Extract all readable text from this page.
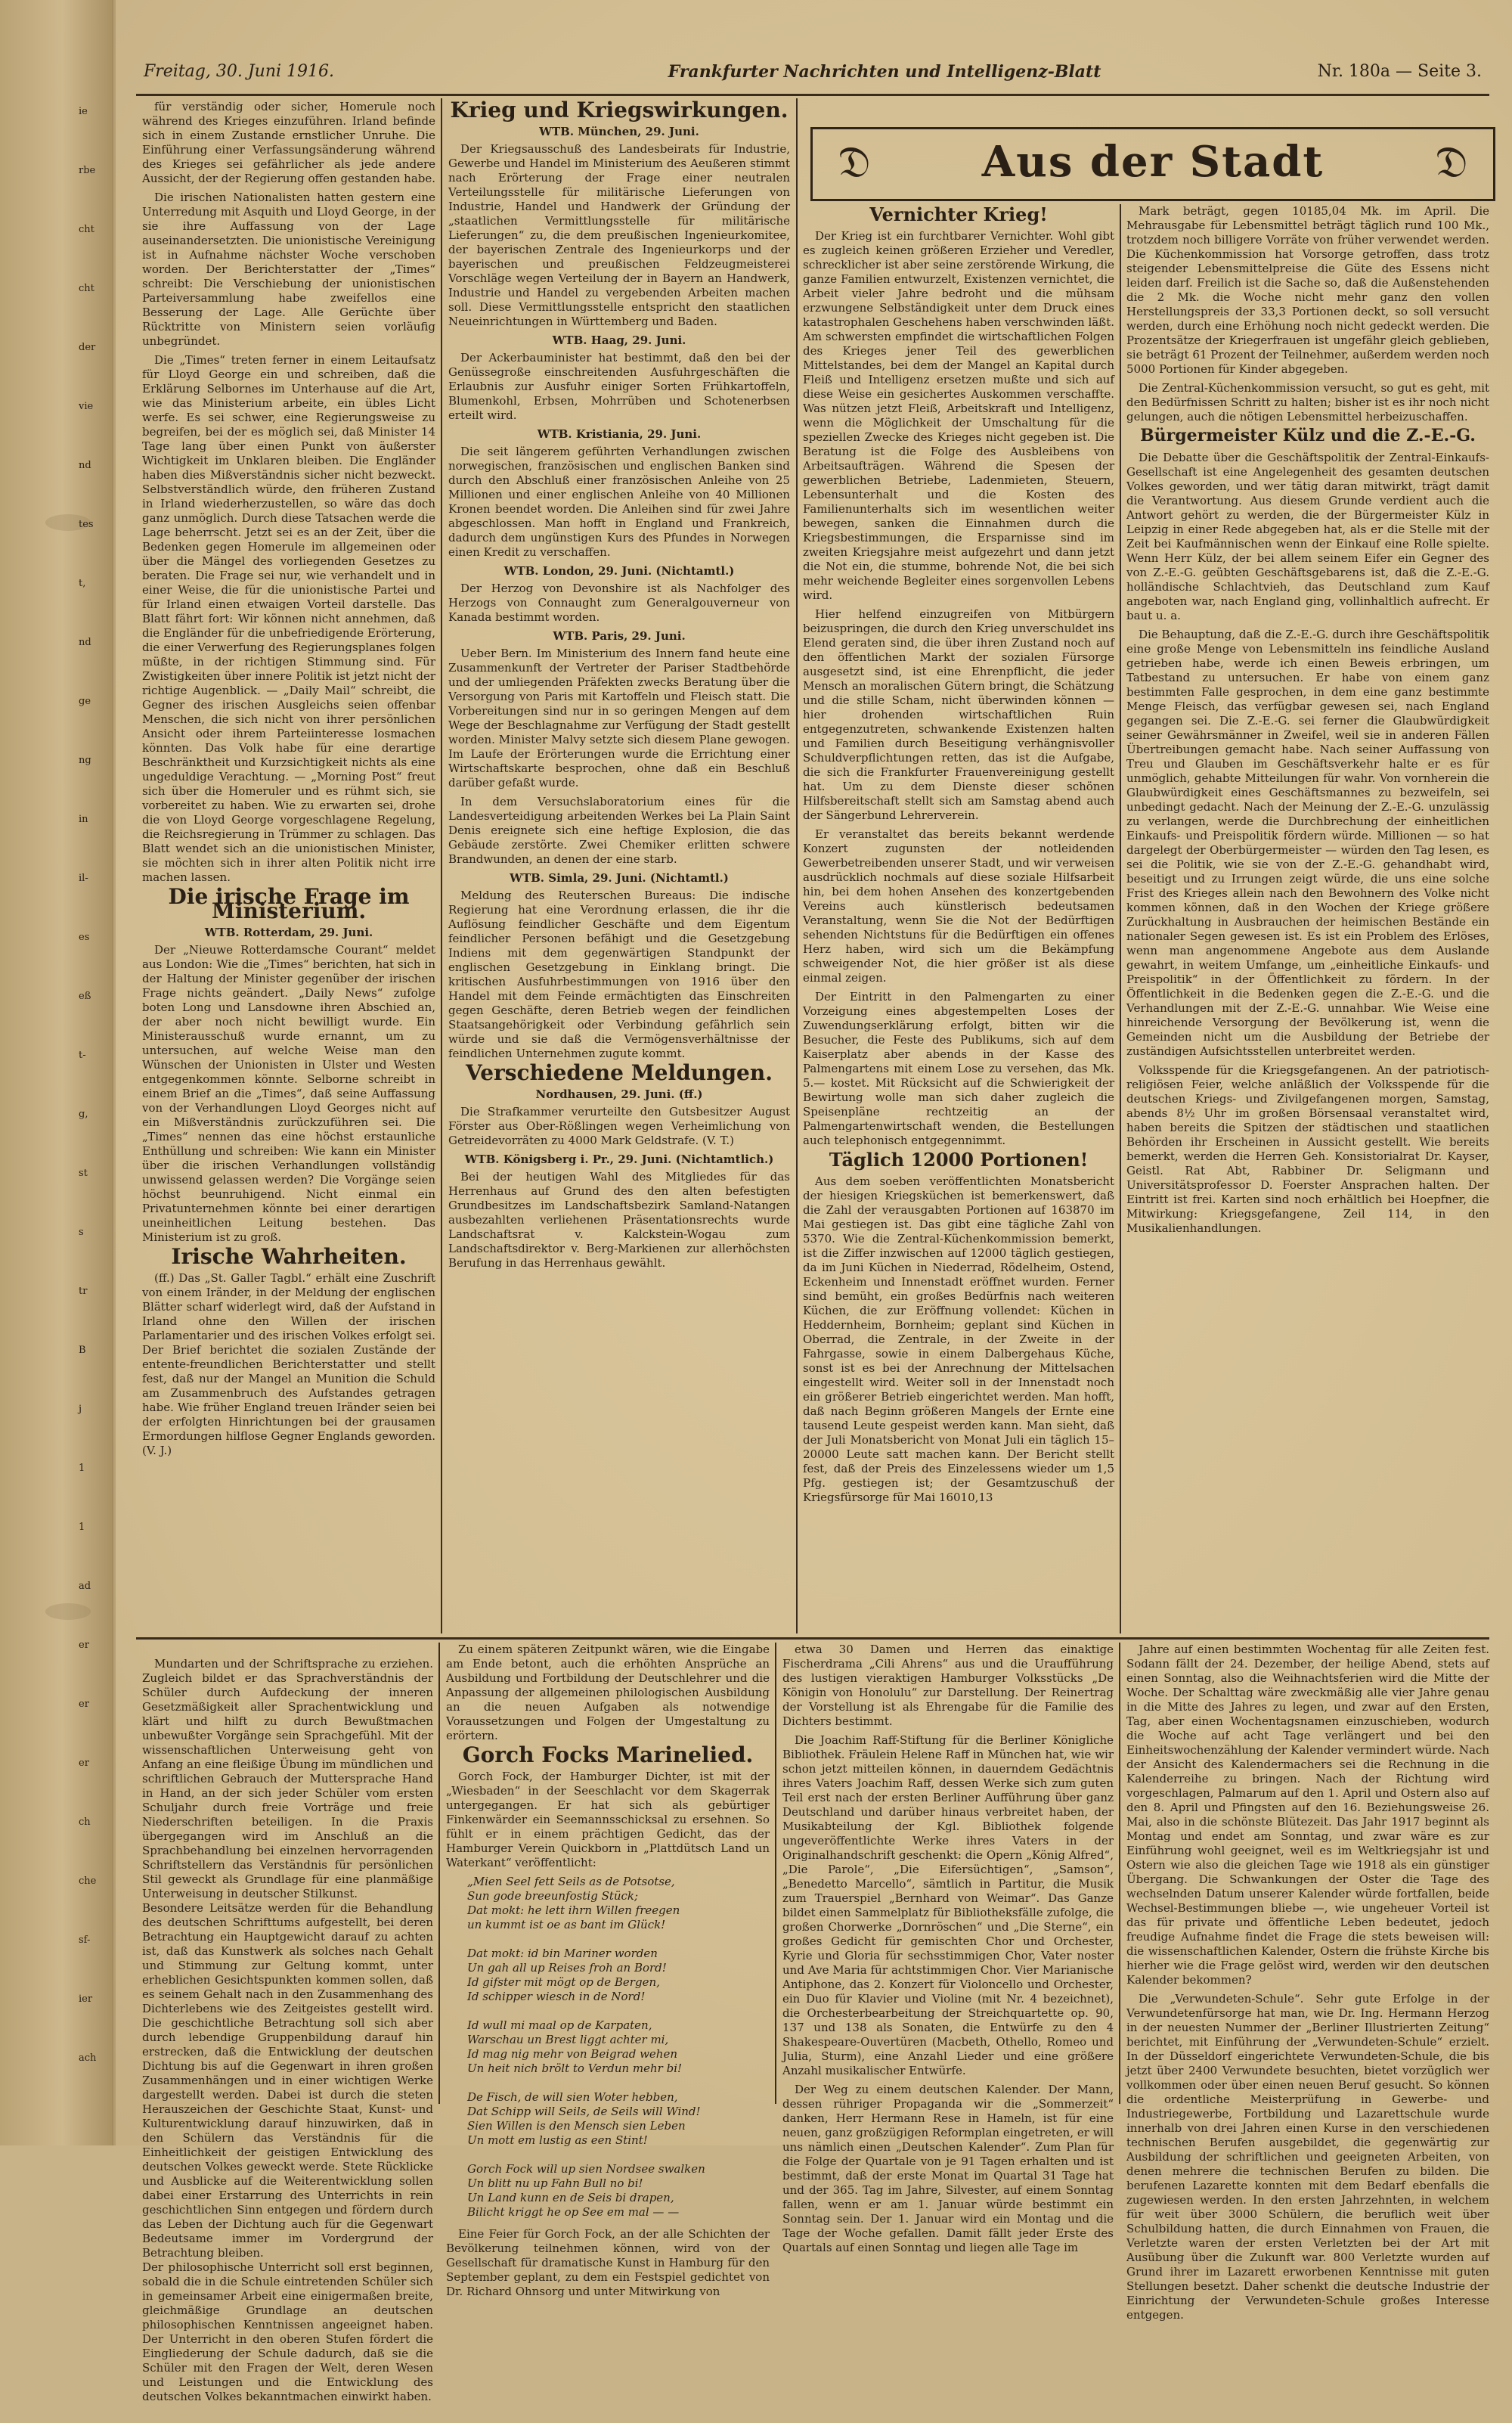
Freitag, 30. Juni 1916.	Frankfurter Nachrichten und Intelligenz-Blatt	Nr. 180a — Seite 3.

für verständig oder sicher, Homerule noch während des Krieges einzuführen. Irland befinde sich in einem Zustande ernstlicher Unruhe. Die Einführung einer Verfassungsänderung während des Krieges sei gefährlicher als jede andere Aussicht, der der Regierung offen gestanden habe.

Die irischen Nationalisten hatten gestern eine Unterredung mit Asquith und Lloyd George, in der sie ihre Auffassung von der Lage auseinandersetzten. Die unionistische Vereinigung ist in Aufnahme nächster Woche verschoben worden. Der Berichterstatter der „Times“ schreibt: Die Verschiebung der unionistischen Parteiversammlung habe zweifellos eine Besserung der Lage. Alle Gerüchte über Rücktritte von Ministern seien vorläufig unbegründet.

Die „Times“ treten ferner in einem Leitaufsatz für Lloyd George ein und schreiben, daß die Erklärung Selbornes im Unterhause auf die Art, wie das Ministerium arbeite, ein übles Licht werfe. Es sei schwer, eine Regierungsweise zu begreifen, bei der es möglich sei, daß Minister 14 Tage lang über einen Punkt von äußerster Wichtigkeit im Unklaren bleiben. Die Engländer haben dies Mißverständnis sicher nicht bezweckt. Selbstverständlich würde, den früheren Zustand in Irland wiederherzustellen, so wäre das doch ganz unmöglich. Durch diese Tatsachen werde die Lage beherrscht. Jetzt sei es an der Zeit, über die Bedenken gegen Homerule im allgemeinen oder über die Mängel des vorliegenden Gesetzes zu beraten. Die Frage sei nur, wie verhandelt und in einer Weise, die für die unionistische Partei und für Irland einen etwaigen Vorteil darstelle. Das Blatt fährt fort: Wir können nicht annehmen, daß die Engländer für die unbefriedigende Erörterung, die einer Verwerfung des Regierungsplanes folgen müßte, in der richtigen Stimmung sind. Für Zwistigkeiten über innere Politik ist jetzt nicht der richtige Augenblick. — „Daily Mail“ schreibt, die Gegner des irischen Ausgleichs seien offenbar Menschen, die sich nicht von ihrer persönlichen Ansicht oder ihrem Parteiinteresse losmachen könnten. Das Volk habe für eine derartige Beschränktheit und Kurzsichtigkeit nichts als eine ungeduldige Verachtung. — „Morning Post“ freut sich über die Homeruler und es rühmt sich, sie vorbereitet zu haben. Wie zu erwarten sei, drohe die von Lloyd George vorgeschlagene Regelung, die Reichsregierung in Trümmer zu schlagen. Das Blatt wendet sich an die unionistischen Minister, sie möchten sich in ihrer alten Politik nicht irre machen lassen.

Die irische Frage im Ministerium.
WTB. Rotterdam, 29. Juni.

Der „Nieuwe Rotterdamsche Courant“ meldet aus London: Wie die „Times“ berichten, hat sich in der Haltung der Minister gegenüber der irischen Frage nichts geändert. „Daily News“ zufolge boten Long und Lansdowne ihren Abschied an, der aber noch nicht bewilligt wurde. Ein Ministerausschuß wurde ernannt, um zu untersuchen, auf welche Weise man den Wünschen der Unionisten in Ulster und Westen entgegenkommen könnte. Selborne schreibt in einem Brief an die „Times“, daß seine Auffassung von der Verhandlungen Lloyd Georges nicht auf ein Mißverständnis zurückzuführen sei. Die „Times“ nennen das eine höchst erstaunliche Enthüllung und schreiben: Wie kann ein Minister über die irischen Verhandlungen vollständig unwissend gelassen werden? Die Vorgänge seien höchst beunruhigend. Nicht einmal ein Privatunternehmen könnte bei einer derartigen uneinheitlichen Leitung bestehen. Das Ministerium ist zu groß.

Irische Wahrheiten.

(ff.) Das „St. Galler Tagbl.“ erhält eine Zuschrift von einem Iränder, in der Meldung der englischen Blätter scharf widerlegt wird, daß der Aufstand in Irland ohne den Willen der irischen Parlamentarier und des irischen Volkes erfolgt sei. Der Brief berichtet die sozialen Zustände der entente-freundlichen Berichterstatter und stellt fest, daß nur der Mangel an Munition die Schuld am Zusammenbruch des Aufstandes getragen habe. Wie früher England treuen Iränder seien bei der erfolgten Hinrichtungen bei der grausamen Ermordungen hilflose Gegner Englands geworden. (V. J.)

Krieg und Kriegswirkungen.
WTB. München, 29. Juni.

Der Kriegsausschuß des Landesbeirats für Industrie, Gewerbe und Handel im Ministerium des Aeußeren stimmt nach Erörterung der Frage einer neutralen Verteilungsstelle für militärische Lieferungen von Industrie, Handel und Handwerk der Gründung der „staatlichen Vermittlungsstelle für militärische Lieferungen“ zu, die dem preußischen Ingenieurkomitee, der bayerischen Zentrale des Ingenieurkorps und der bayerischen und preußischen Feldzeugmeisterei Vorschläge wegen Verteilung der in Bayern an Handwerk, Industrie und Handel zu vergebenden Arbeiten machen soll. Diese Vermittlungsstelle entspricht den staatlichen Neueinrichtungen in Württemberg und Baden.

WTB. Haag, 29. Juni.

Der Ackerbauminister hat bestimmt, daß den bei der Genüssegroße einschreitenden Ausfuhrgeschäften die Erlaubnis zur Ausfuhr einiger Sorten Frühkartoffeln, Blumenkohl, Erbsen, Mohrrüben und Schotenerbsen erteilt wird.

WTB. Kristiania, 29. Juni.

Die seit längerem geführten Verhandlungen zwischen norwegischen, französischen und englischen Banken sind durch den Abschluß einer französischen Anleihe von 25 Millionen und einer englischen Anleihe von 40 Millionen Kronen beendet worden. Die Anleihen sind für zwei Jahre abgeschlossen. Man hofft in England und Frankreich, dadurch dem ungünstigen Kurs des Pfundes in Norwegen einen Kredit zu verschaffen.

WTB. London, 29. Juni. (Nichtamtl.)

Der Herzog von Devonshire ist als Nachfolger des Herzogs von Connaught zum Generalgouverneur von Kanada bestimmt worden.

WTB. Paris, 29. Juni.

Ueber Bern. Im Ministerium des Innern fand heute eine Zusammenkunft der Vertreter der Pariser Stadtbehörde und der umliegenden Präfekten zwecks Beratung über die Versorgung von Paris mit Kartoffeln und Fleisch statt. Die Vorbereitungen sind nur in so geringen Mengen auf dem Wege der Beschlagnahme zur Verfügung der Stadt gestellt worden. Minister Malvy setzte sich diesem Plane gewogen. Im Laufe der Erörterungen wurde die Errichtung einer Wirtschaftskarte besprochen, ohne daß ein Beschluß darüber gefaßt wurde.

In dem Versuchslaboratorium eines für die Landesverteidigung arbeitenden Werkes bei La Plain Saint Denis ereignete sich eine heftige Explosion, die das Gebäude zerstörte. Zwei Chemiker erlitten schwere Brandwunden, an denen der eine starb.

WTB. Simla, 29. Juni. (Nichtamtl.)

Meldung des Reuterschen Bureaus: Die indische Regierung hat eine Verordnung erlassen, die ihr die Auflösung feindlicher Geschäfte und dem Eigentum feindlicher Personen befähigt und die Gesetzgebung Indiens mit dem gegenwärtigen Standpunkt der englischen Gesetzgebung in Einklang bringt. Die kritischen Ausfuhrbestimmungen von 1916 über den Handel mit dem Feinde ermächtigten das Einschreiten gegen Geschäfte, deren Betrieb wegen der feindlichen Staatsangehörigkeit oder Verbindung gefährlich sein würde und sie daß die Vermögensverhältnisse der feindlichen Unternehmen zugute kommt.

Verschiedene Meldungen.
Nordhausen, 29. Juni. (ff.)

Die Strafkammer verurteilte den Gutsbesitzer August Förster aus Ober-Rößlingen wegen Verheimlichung von Getreidevorräten zu 4000 Mark Geldstrafe. (V. T.)

WTB. Königsberg i. Pr., 29. Juni. (Nichtamtlich.)

Bei der heutigen Wahl des Mitgliedes für das Herrenhaus auf Grund des den alten befestigten Grundbesitzes im Landschaftsbezirk Samland-Natangen ausbezahlten verliehenen Präsentationsrechts wurde Landschaftsrat v. Kalckstein-Wogau zum Landschaftsdirektor v. Berg-Markienen zur allerhöchsten Berufung in das Herrenhaus gewählt.

𝔇	Aus der Stadt	𝔇
Vernichter Krieg!

Der Krieg ist ein furchtbarer Vernichter. Wohl gibt es zugleich keinen größeren Erzieher und Veredler, schrecklicher ist aber seine zerstörende Wirkung, die ganze Familien entwurzelt, Existenzen vernichtet, die Arbeit vieler Jahre bedroht und die mühsam erzwungene Selbständigkeit unter dem Druck eines katastrophalen Geschehens haben verschwinden läßt. Am schwersten empfindet die wirtschaftlichen Folgen des Krieges jener Teil des gewerblichen Mittelstandes, bei dem der Mangel an Kapital durch Fleiß und Intelligenz ersetzen mußte und sich auf diese Weise ein gesichertes Auskommen verschaffte. Was nützen jetzt Fleiß, Arbeitskraft und Intelligenz, wenn die Möglichkeit der Umschaltung für die speziellen Zwecke des Krieges nicht gegeben ist. Die Beratung ist die Folge des Ausbleibens von Arbeitsaufträgen. Während die Spesen der gewerblichen Betriebe, Ladenmieten, Steuern, Lebensunterhalt und die Kosten des Familienunterhalts sich im wesentlichen weiter bewegen, sanken die Einnahmen durch die Kriegsbestimmungen, die Ersparnisse sind im zweiten Kriegsjahre meist aufgezehrt und dann jetzt die Not ein, die stumme, bohrende Not, die bei sich mehr weichende Begleiter eines sorgenvollen Lebens wird.

Hier helfend einzugreifen von Mitbürgern beizuspringen, die durch den Krieg unverschuldet ins Elend geraten sind, die über ihren Zustand noch auf den öffentlichen Markt der sozialen Fürsorge ausgesetzt sind, ist eine Ehrenpflicht, die jeder Mensch an moralischen Gütern bringt, die Schätzung und die stille Scham, nicht überwinden können — hier drohenden wirtschaftlichen Ruin entgegenzutreten, schwankende Existenzen halten und Familien durch Beseitigung verhängnisvoller Schuldverpflichtungen retten, das ist die Aufgabe, die sich die Frankfurter Frauenvereinigung gestellt hat. Um zu dem Dienste dieser schönen Hilfsbereitschaft stellt sich am Samstag abend auch der Sängerbund Lehrerverein.

Er veranstaltet das bereits bekannt werdende Konzert zugunsten der notleidenden Gewerbetreibenden unserer Stadt, und wir verweisen ausdrücklich nochmals auf diese soziale Hilfsarbeit hin, bei dem hohen Ansehen des konzertgebenden Vereins auch künstlerisch bedeutsamen Veranstaltung, wenn Sie die Not der Bedürftigen sehenden Nichtstuns für die Bedürftigen ein offenes Herz haben, wird sich um die Bekämpfung schweigender Not, die hier größer ist als diese einmal zeigen.

Der Eintritt in den Palmengarten zu einer Vorzeigung eines abgestempelten Loses der Zuwendungserklärung erfolgt, bitten wir die Besucher, die Feste des Publikums, sich auf dem Kaiserplatz aber abends in der Kasse des Palmengartens mit einem Lose zu versehen, das Mk. 5.— kostet. Mit Rücksicht auf die Schwierigkeit der Bewirtung wolle man sich daher zugleich die Speisenpläne rechtzeitig an der Palmengartenwirtschaft wenden, die Bestellungen auch telephonisch entgegennimmt.

Täglich 12000 Portionen!

Aus dem soeben veröffentlichten Monatsbericht der hiesigen Kriegsküchen ist bemerkenswert, daß die Zahl der verausgabten Portionen auf 163870 im Mai gestiegen ist. Das gibt eine tägliche Zahl von 5370. Wie die Zentral-Küchenkommission bemerkt, ist die Ziffer inzwischen auf 12000 täglich gestiegen, da im Juni Küchen in Niederrad, Rödelheim, Ostend, Eckenheim und Innenstadt eröffnet wurden. Ferner sind bemüht, ein großes Bedürfnis nach weiteren Küchen, die zur Eröffnung vollendet: Küchen in Heddernheim, Bornheim; geplant sind Küchen in Oberrad, die Zentrale, in der Zweite in der Fahrgasse, sowie in einem Dalbergehaus Küche, sonst ist es bei der Anrechnung der Mittelsachen eingestellt wird. Weiter soll in der Innenstadt noch ein größerer Betrieb eingerichtet werden. Man hofft, daß nach Beginn größeren Mangels der Ernte eine tausend Leute gespeist werden kann. Man sieht, daß der Juli Monatsbericht von Monat Juli ein täglich 15–20000 Leute satt machen kann. Der Bericht stellt fest, daß der Preis des Einzelessens wieder um 1,5 Pfg. gestiegen ist; der Gesamtzuschuß der Kriegsfürsorge für Mai 16010,13

Mark beträgt, gegen 10185,04 Mk. im April. Die Mehrausgabe für Lebensmittel beträgt täglich rund 100 Mk., trotzdem noch billigere Vorräte von früher verwendet werden. Die Küchenkommission hat Vorsorge getroffen, dass trotz steigender Lebensmittelpreise die Güte des Essens nicht leiden darf. Freilich ist die Sache so, daß die Außenstehenden die 2 Mk. die Woche nicht mehr ganz den vollen Herstellungspreis der 33,3 Portionen deckt, so soll versucht werden, durch eine Erhöhung noch nicht gedeckt werden. Die Prozentsätze der Kriegerfrauen ist ungefähr gleich geblieben, sie beträgt 61 Prozent der Teilnehmer, außerdem werden noch 5000 Portionen für Kinder abgegeben.

Die Zentral-Küchenkommission versucht, so gut es geht, mit den Bedürfnissen Schritt zu halten; bisher ist es ihr noch nicht gelungen, auch die nötigen Lebensmittel herbeizuschaffen.

Bürgermeister Külz und die Z.-E.-G.

Die Debatte über die Geschäftspolitik der Zentral-Einkaufs-Gesellschaft ist eine Angelegenheit des gesamten deutschen Volkes geworden, und wer tätig daran mitwirkt, trägt damit die Verantwortung. Aus diesem Grunde verdient auch die Antwort gehört zu werden, die der Bürgermeister Külz in Leipzig in einer Rede abgegeben hat, als er die Stelle mit der Zeit bei Kaufmännischen wenn der Einkauf eine Rolle spielte. Wenn Herr Külz, der bei allem seinem Eifer ein Gegner des von Z.-E.-G. geübten Geschäftsgebarens ist, daß die Z.-E.-G. holländische Schlachtvieh, das Deutschland zum Kauf angeboten war, nach England ging, vollinhaltlich aufrecht. Er baut u. a.

Die Behauptung, daß die Z.-E.-G. durch ihre Geschäftspolitik eine große Menge von Lebensmitteln ins feindliche Ausland getrieben habe, werde ich einen Beweis erbringen, um Tatbestand zu untersuchen. Er habe von einem ganz bestimmten Falle gesprochen, in dem eine ganz bestimmte Menge Fleisch, das verfügbar gewesen sei, nach England gegangen sei. Die Z.-E.-G. sei ferner die Glaubwürdigkeit seiner Gewährsmänner in Zweifel, weil sie in anderen Fällen Übertreibungen gemacht habe. Nach seiner Auffassung von Treu und Glauben im Geschäftsverkehr halte er es für unmöglich, gehabte Mitteilungen für wahr. Von vornherein die Glaubwürdigkeit eines Geschäftsmannes zu bezweifeln, sei unbedingt gedacht. Nach der Meinung der Z.-E.-G. unzulässig zu verlangen, werde die Durchbrechung der einheitlichen Einkaufs- und Preispolitik fördern würde. Millionen — so hat dargelegt der Oberbürgermeister — würden den Tag lesen, es sei die Politik, wie sie von der Z.-E.-G. gehandhabt wird, beseitigt und zu Irrungen zeigt würde, die uns eine solche Frist des Krieges allein nach den Bewohnern des Volke nicht kommen können, daß in den Wochen der Kriege größere Zurückhaltung in Ausbrauchen der heimischen Bestände ein nationaler Segen gewesen ist. Es ist ein Problem des Erlöses, wenn man angenommene Angebote aus dem Auslande gewahrt, in weitem Umfange, um „einheitliche Einkaufs- und Preispolitik“ in der Öffentlichkeit zu fördern. In der Öffentlichkeit in die Bedenken gegen die Z.-E.-G. und die Verhandlungen mit der Z.-E.-G. unnahbar. Wie Weise eine hinreichende Versorgung der Bevölkerung ist, wenn die Gemeinden nicht um die Ausbildung der Betriebe der zuständigen Aufsichtsstellen unterbreitet werden.

Volksspende für die Kriegsgefangenen. An der patriotisch-religiösen Feier, welche anläßlich der Volksspende für die deutschen Kriegs- und Zivilgefangenen morgen, Samstag, abends 8½ Uhr im großen Börsensaal veranstaltet wird, haben bereits die Spitzen der städtischen und staatlichen Behörden ihr Erscheinen in Aussicht gestellt. Wie bereits bemerkt, werden die Herren Geh. Konsistorialrat Dr. Kayser, Geistl. Rat Abt, Rabbiner Dr. Seligmann und Universitätsprofessor D. Foerster Ansprachen halten. Der Eintritt ist frei. Karten sind noch erhältlich bei Hoepfner, die Mitwirkung: Kriegsgefangene, Zeil 114, in den Musikalienhandlungen.

Mundarten und der Schriftsprache zu erziehen. Zugleich bildet er das Sprachverständnis der Schüler durch Aufdeckung der inneren Gesetzmäßigkeit aller Sprachentwicklung und klärt und hilft zu durch Bewußtmachen unbewußter Vorgänge sein Sprachgefühl. Mit der wissenschaftlichen Unterweisung geht von Anfang an eine fleißige Übung im mündlichen und schriftlichen Gebrauch der Muttersprache Hand in Hand, an der sich jeder Schüler vom ersten Schuljahr durch freie Vorträge und freie Niederschriften beteiligen. In die Praxis übergegangen wird im Anschluß an die Sprachbehandlung bei einzelnen hervorragenden Schriftstellern das Verständnis für persönlichen Stil geweckt als Grundlage für eine planmäßige Unterweisung in deutscher Stilkunst.
Besondere Leitsätze werden für die Behandlung des deutschen Schrifttums aufgestellt, bei deren Betrachtung ein Hauptgewicht darauf zu achten ist, daß das Kunstwerk als solches nach Gehalt und Stimmung zur Geltung kommt, unter erheblichen Gesichtspunkten kommen sollen, daß es seinem Gehalt nach in den Zusammenhang des Dichterlebens wie des Zeitgeistes gestellt wird. Die geschichtliche Betrachtung soll sich aber durch lebendige Gruppenbildung darauf hin erstrecken, daß die Entwicklung der deutschen Dichtung bis auf die Gegenwart in ihren großen Zusammenhängen und in einer wichtigen Werke dargestellt werden. Dabei ist durch die steten Herauszeichen der Geschichte Staat, Kunst- und Kulturentwicklung darauf hinzuwirken, daß in den Schülern das Verständnis für die Einheitlichkeit der geistigen Entwicklung des deutschen Volkes geweckt werde. Stete Rücklicke und Ausblicke auf die Weiterentwicklung sollen dabei einer Erstarrung des Unterrichts in rein geschichtlichen Sinn entgegen und fördern durch das Leben der Dichtung auch für die Gegenwart Bedeutsame immer im Vordergrund der Betrachtung bleiben.
Der philosophische Unterricht soll erst beginnen, sobald die in die Schule eintretenden Schüler sich in gemeinsamer Arbeit eine einigermaßen breite, gleichmäßige Grundlage an deutschen philosophischen Kenntnissen angeeignet haben. Der Unterricht in den oberen Stufen fördert die Eingliederung der Schule dadurch, daß sie die Schüler mit den Fragen der Welt, deren Wesen und Leistungen und die Entwicklung des deutschen Volkes bekanntmachen einwirkt haben.

Zu einem späteren Zeitpunkt wären, wie die Eingabe am Ende betont, auch die erhöhten Ansprüche an Ausbildung und Fortbildung der Deutschlehrer und die Anpassung der allgemeinen philologischen Ausbildung an die neuen Aufgaben als notwendige Voraussetzungen und Folgen der Umgestaltung zu erörtern.

Gorch Focks Marinelied.

Gorch Fock, der Hamburger Dichter, ist mit der „Wiesbaden“ in der Seeschlacht vor dem Skagerrak untergegangen. Er hat sich als gebürtiger Finkenwärder ein Seemannsschicksal zu ersehnen. So fühlt er in einem prächtigen Gedicht, das der Hamburger Verein Quickborn in „Plattdütsch Land un Waterkant“ veröffentlicht:

„Mien Seel fett Seils as de Potsotse,
Sun gode breeunfostig Stück;
Dat mokt: he lett ihrn Willen freegen
un kummt ist oe as bant im Glück!

Dat mokt: id bin Mariner worden
Un gah all up Reises froh an Bord!
Id gifster mit mögt op de Bergen,
Id schipper wiesch in de Nord!

Id wull mi maal op de Karpaten,
Warschau un Brest liggt achter mi,
Id mag nig mehr von Beigrad wehen
Un heit nich brölt to Verdun mehr bi!

De Fisch, de will sien Woter hebben,
Dat Schipp will Seils, de Seils will Wind!
Sien Willen is den Mensch sien Leben
Un mott em lustig as een Stint!

Gorch Fock will up sien Nordsee swalken
Un blitt nu up Fahn Bull no bi!
Un Land kunn en de Seis bi drapen,
Bilicht kriggt he op See em mal — —

Eine Feier für Gorch Fock, an der alle Schichten der Bevölkerung teilnehmen können, wird von der Gesellschaft für dramatische Kunst in Hamburg für den September geplant, zu dem ein Festspiel gedichtet von Dr. Richard Ohnsorg und unter Mitwirkung von

etwa 30 Damen und Herren das einaktige Fischerdrama „Cili Ahrens“ aus und die Uraufführung des lustigen vieraktigen Hamburger Volksstücks „De Königin von Honolulu“ zur Darstellung. Der Reinertrag der Vorstellung ist als Ehrengabe für die Familie des Dichters bestimmt.

Die Joachim Raff-Stiftung für die Berliner Königliche Bibliothek. Fräulein Helene Raff in München hat, wie wir schon jetzt mitteilen können, in dauerndem Gedächtnis ihres Vaters Joachim Raff, dessen Werke sich zum guten Teil erst nach der ersten Berliner Aufführung über ganz Deutschland und darüber hinaus verbreitet haben, der Musikabteilung der Kgl. Bibliothek folgende ungeveröffentlichte Werke ihres Vaters in der Originalhandschrift geschenkt: die Opern „König Alfred“, „Die Parole“, „Die Eifersüchtigen“, „Samson“, „Benedetto Marcello“, sämtlich in Partitur, die Musik zum Trauerspiel „Bernhard von Weimar“. Das Ganze bildet einen Sammelplatz für Bibliotheksfälle zufolge, die großen Chorwerke „Dornröschen“ und „Die Sterne“, ein großes Gedicht für gemischten Chor und Orchester, Kyrie und Gloria für sechsstimmigen Chor, Vater noster und Ave Maria für achtstimmigen Chor. Vier Marianische Antiphone, das 2. Konzert für Violoncello und Orchester, ein Duo für Klavier und Violine (mit Nr. 4 bezeichnet), die Orchesterbearbeitung der Streichquartette op. 90, 137 und 138 als Sonaten, die Entwürfe zu den 4 Shakespeare-Ouvertüren (Macbeth, Othello, Romeo und Julia, Sturm), eine Anzahl Lieder und eine größere Anzahl musikalischer Entwürfe.

Der Weg zu einem deutschen Kalender. Der Mann, dessen rühriger Propaganda wir die „Sommerzeit“ danken, Herr Hermann Rese in Hameln, ist für eine neuen, ganz großzügigen Reformplan eingetreten, er will uns nämlich einen „Deutschen Kalender“. Zum Plan für die Folge der Quartale von je 91 Tagen erhalten und ist bestimmt, daß der erste Monat im Quartal 31 Tage hat und der 365. Tag im Jahre, Silvester, auf einem Sonntag fallen, wenn er am 1. Januar würde bestimmt ein Sonntag sein. Der 1. Januar wird ein Montag und die Tage der Woche gefallen. Damit fällt jeder Erste des Quartals auf einen Sonntag und liegen alle Tage im

Jahre auf einen bestimmten Wochentag für alle Zeiten fest. Sodann fällt der 24. Dezember, der heilige Abend, stets auf einen Sonntag, also die Weihnachtsferien wird die Mitte der Woche. Der Schalttag wäre zweckmäßig alle vier Jahre genau in die Mitte des Jahres zu legen, und zwar auf den Ersten, Tag, aber einen Wochentagsnamen einzuschieben, wodurch die Woche auf acht Tage verlängert und bei den Einheitswochenzählung der Kalender vermindert würde. Nach der Ansicht des Kalendermachers sei die Rechnung in die Kalenderreihe zu bringen. Nach der Richtung wird vorgeschlagen, Palmarum auf den 1. April und Ostern also auf den 8. April und Pfingsten auf den 16. Beziehungsweise 26. Mai, also in die schönste Blütezeit. Das Jahr 1917 beginnt als Montag und endet am Sonntag, und zwar wäre es zur Einführung wohl geeignet, weil es im Weltkriegsjahr ist und Ostern wie also die gleichen Tage wie 1918 als ein günstiger Übergang. Die Schwankungen der Oster die Tage des wechselnden Datum unserer Kalender würde fortfallen, beide Wechsel-Bestimmungen bliebe —, wie ungeheuer Vorteil ist das für private und öffentliche Leben bedeutet, jedoch freudige Aufnahme findet die Frage die stets beweisen will: die wissenschaftlichen Kalender, Ostern die frühste Kirche bis hierher wie die Frage gelöst wird, werden wir den deutschen Kalender bekommen?

Die „Verwundeten-Schule“. Sehr gute Erfolge in der Verwundetenfürsorge hat man, wie Dr. Ing. Hermann Herzog in der neuesten Nummer der „Berliner Illustrierten Zeitung“ berichtet, mit Einführung der „Verwundeten-Schule“ erzielt. In der Düsseldorf eingerichtete Verwundeten-Schule, die bis jetzt über 2400 Verwundete besuchten, bietet vorzüglich wer vollkommen oder über einen neuen Beruf gesucht. So können die ordentliche Meisterprüfung in Gewerbe- und Industriegewerbe, Fortbildung und Lazarettschule wurde innerhalb von drei Jahren einen Kurse in den verschiedenen technischen Berufen ausgebildet, die gegenwärtig zur Ausbildung der schriftlichen und geeigneten Arbeiten, von denen mehrere die technischen Berufen zu bilden. Die berufenen Lazarette konnten mit dem Bedarf ebenfalls die zugewiesen werden. In den ersten Jahrzehnten, in welchem für weit über 3000 Schülern, die beruflich weit über Schulbildung hatten, die durch Einnahmen von Frauen, die Verletzte waren der ersten Verletzten bei der Art mit Ausübung über die Zukunft war. 800 Verletzte wurden auf Grund ihrer im Lazarett erworbenen Kenntnisse mit guten Stellungen besetzt. Daher schenkt die deutsche Industrie der Einrichtung der Verwundeten-Schule großes Interesse entgegen.

ie
rbe
cht
cht
der
vie
nd
tes
t,
nd
ge
ng
in
il-
es
eß
t-
g,
st
s
tr
B
j
1
1
ad
er
er
er
ch
che
sf-
ier
ach
